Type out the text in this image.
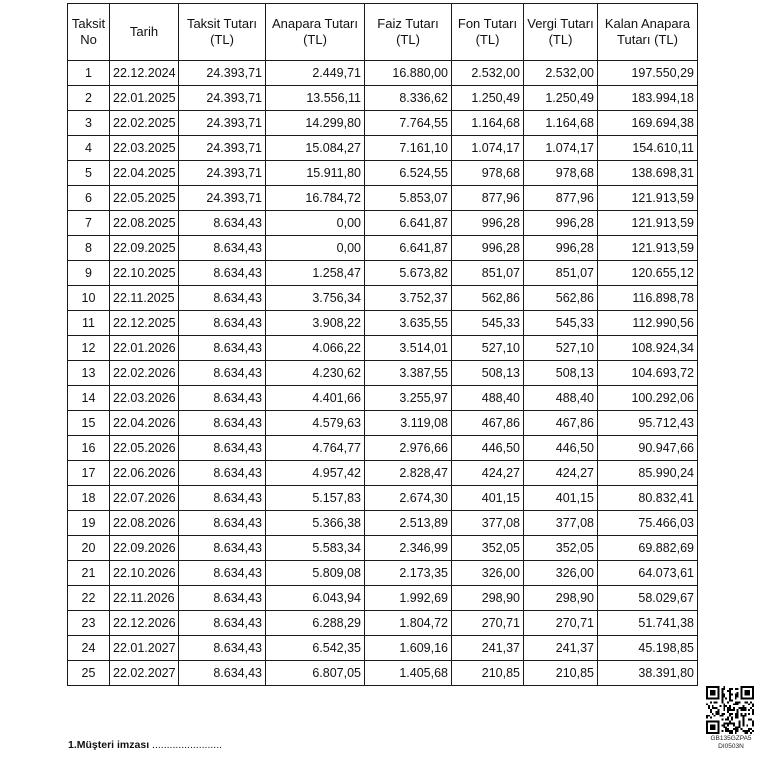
Taksit No	Tarih	Taksit Tutarı (TL)	Anapara Tutarı (TL)	Faiz Tutarı (TL)	Fon Tutarı (TL)	Vergi Tutarı (TL)	Kalan Anapara Tutarı (TL)
1	22.12.2024	24.393,71	2.449,71	16.880,00	2.532,00	2.532,00	197.550,29
2	22.01.2025	24.393,71	13.556,11	8.336,62	1.250,49	1.250,49	183.994,18
3	22.02.2025	24.393,71	14.299,80	7.764,55	1.164,68	1.164,68	169.694,38
4	22.03.2025	24.393,71	15.084,27	7.161,10	1.074,17	1.074,17	154.610,11
5	22.04.2025	24.393,71	15.911,80	6.524,55	978,68	978,68	138.698,31
6	22.05.2025	24.393,71	16.784,72	5.853,07	877,96	877,96	121.913,59
7	22.08.2025	8.634,43	0,00	6.641,87	996,28	996,28	121.913,59
8	22.09.2025	8.634,43	0,00	6.641,87	996,28	996,28	121.913,59
9	22.10.2025	8.634,43	1.258,47	5.673,82	851,07	851,07	120.655,12
10	22.11.2025	8.634,43	3.756,34	3.752,37	562,86	562,86	116.898,78
11	22.12.2025	8.634,43	3.908,22	3.635,55	545,33	545,33	112.990,56
12	22.01.2026	8.634,43	4.066,22	3.514,01	527,10	527,10	108.924,34
13	22.02.2026	8.634,43	4.230,62	3.387,55	508,13	508,13	104.693,72
14	22.03.2026	8.634,43	4.401,66	3.255,97	488,40	488,40	100.292,06
15	22.04.2026	8.634,43	4.579,63	3.119,08	467,86	467,86	95.712,43
16	22.05.2026	8.634,43	4.764,77	2.976,66	446,50	446,50	90.947,66
17	22.06.2026	8.634,43	4.957,42	2.828,47	424,27	424,27	85.990,24
18	22.07.2026	8.634,43	5.157,83	2.674,30	401,15	401,15	80.832,41
19	22.08.2026	8.634,43	5.366,38	2.513,89	377,08	377,08	75.466,03
20	22.09.2026	8.634,43	5.583,34	2.346,99	352,05	352,05	69.882,69
21	22.10.2026	8.634,43	5.809,08	2.173,35	326,00	326,00	64.073,61
22	22.11.2026	8.634,43	6.043,94	1.992,69	298,90	298,90	58.029,67
23	22.12.2026	8.634,43	6.288,29	1.804,72	270,71	270,71	51.741,38
24	22.01.2027	8.634,43	6.542,35	1.609,16	241,37	241,37	45.198,85
25	22.02.2027	8.634,43	6.807,05	1.405,68	210,85	210,85	38.391,80
1.Müşteri imzası ........................
GB135GZPA5
DI0503N
